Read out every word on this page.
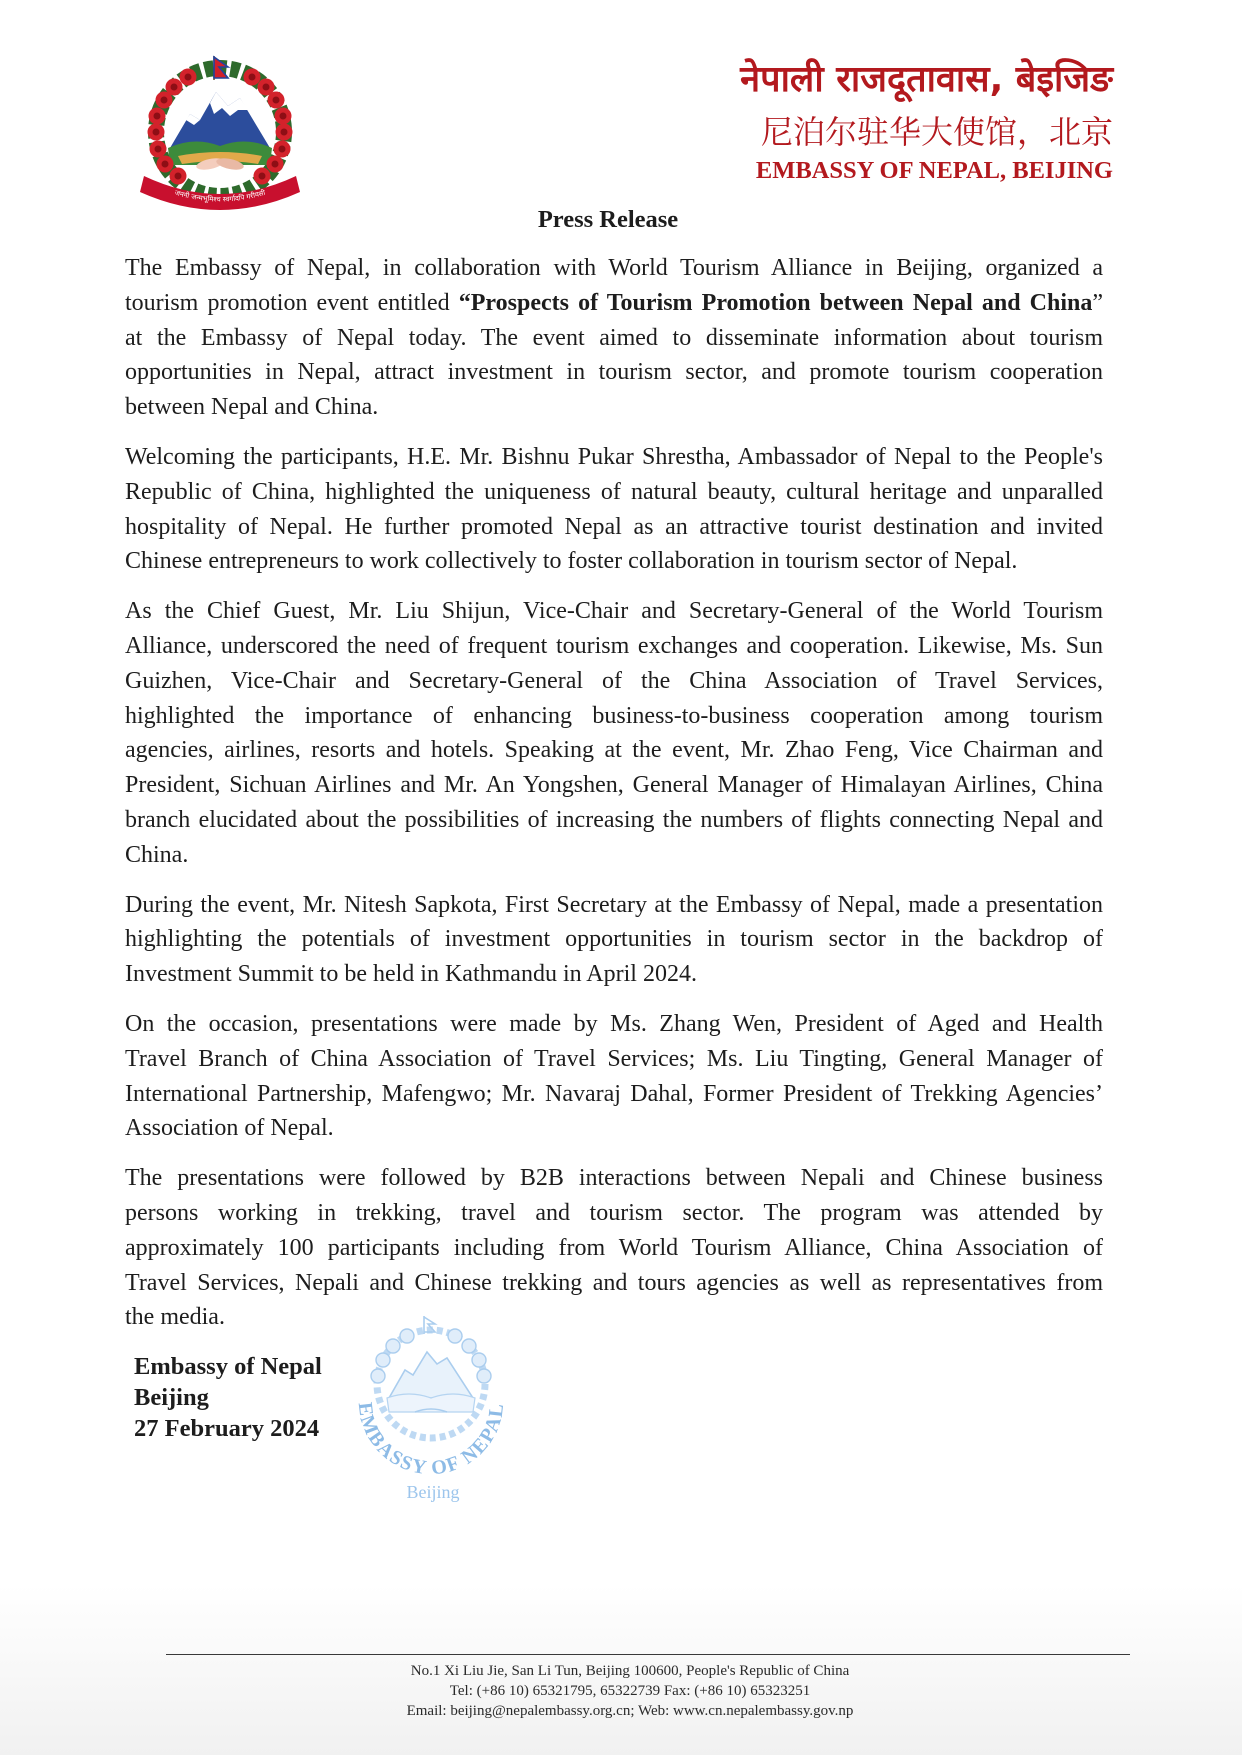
जननी जन्मभूमिश्च स्वर्गादपि गरीयसी
नेपाली राजदूतावास, बेइजिङ
尼泊尔驻华大使馆，北京
EMBASSY OF NEPAL, BEIJING
Press Release
The Embassy of Nepal, in collaboration with World Tourism Alliance in Beijing, organized a
tourism promotion event entitled “Prospects of Tourism Promotion between Nepal and China”
at the Embassy of Nepal today. The event aimed to disseminate information about tourism
opportunities in Nepal, attract investment in tourism sector, and promote tourism cooperation
between Nepal and China.
Welcoming the participants, H.E. Mr. Bishnu Pukar Shrestha, Ambassador of Nepal to the People's
Republic of China, highlighted the uniqueness of natural beauty, cultural heritage and unparalled
hospitality of Nepal. He further promoted Nepal as an attractive tourist destination and invited
Chinese entrepreneurs to work collectively to foster collaboration in tourism sector of Nepal.
As the Chief Guest, Mr. Liu Shijun, Vice-Chair and Secretary-General of the World Tourism
Alliance, underscored the need of frequent tourism exchanges and cooperation. Likewise, Ms. Sun
Guizhen, Vice-Chair and Secretary-General of the China Association of Travel Services,
highlighted the importance of enhancing business-to-business cooperation among tourism
agencies, airlines, resorts and hotels. Speaking at the event, Mr. Zhao Feng, Vice Chairman and
President, Sichuan Airlines and Mr. An Yongshen, General Manager of Himalayan Airlines, China
branch elucidated about the possibilities of increasing the numbers of flights connecting Nepal and
China.
During the event, Mr. Nitesh Sapkota, First Secretary at the Embassy of Nepal, made a presentation
highlighting the potentials of investment opportunities in tourism sector in the backdrop of
Investment Summit to be held in Kathmandu in April 2024.
On the occasion, presentations were made by Ms. Zhang Wen, President of Aged and Health
Travel Branch of China Association of Travel Services; Ms. Liu Tingting, General Manager of
International Partnership, Mafengwo; Mr. Navaraj Dahal, Former President of Trekking Agencies’
Association of Nepal.
The presentations were followed by B2B interactions between Nepali and Chinese business
persons working in trekking, travel and tourism sector. The program was attended by
approximately 100 participants including from World Tourism Alliance, China Association of
Travel Services, Nepali and Chinese trekking and tours agencies as well as representatives from
the media.
Embassy of Nepal
Beijing
27 February 2024
EMBASSY OF NEPAL
Beijing
No.1 Xi Liu Jie, San Li Tun, Beijing 100600, People's Republic of China
Tel: (+86 10) 65321795, 65322739 Fax: (+86 10) 65323251
Email: beijing@nepalembassy.org.cn; Web: www.cn.nepalembassy.gov.np
